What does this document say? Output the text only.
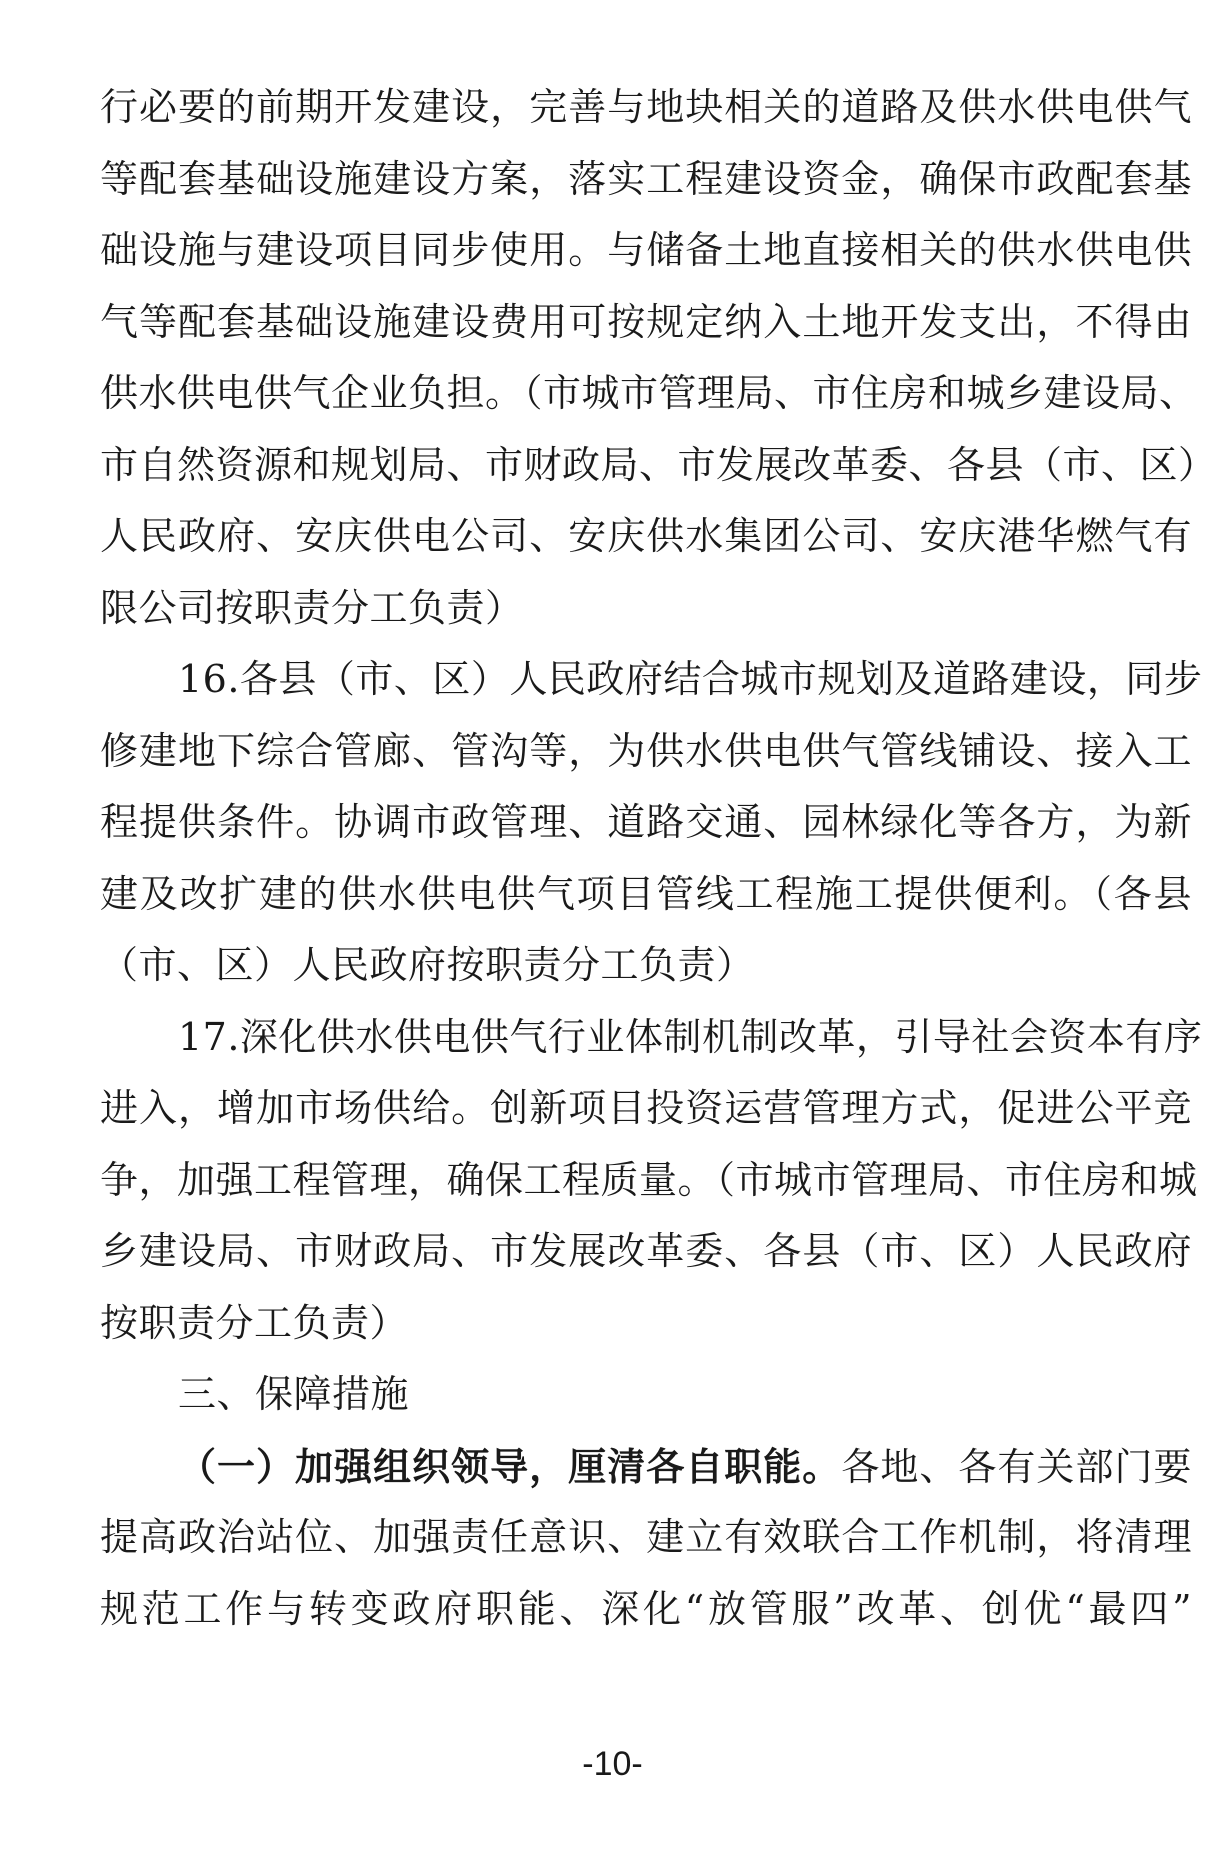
行必要的前期开发建设，完善与地块相关的道路及供水供电供气
等配套基础设施建设方案，落实工程建设资金，确保市政配套基
础设施与建设项目同步使用。与储备土地直接相关的供水供电供
气等配套基础设施建设费用可按规定纳入土地开发支出，不得由
供水供电供气企业负担。（市城市管理局、市住房和城乡建设局、
市自然资源和规划局、市财政局、市发展改革委、各县（市、区）
人民政府、安庆供电公司、安庆供水集团公司、安庆港华燃气有
限公司按职责分工负责）
16.各县（市、区）人民政府结合城市规划及道路建设，同步
修建地下综合管廊、管沟等，为供水供电供气管线铺设、接入工
程提供条件。协调市政管理、道路交通、园林绿化等各方，为新
建及改扩建的供水供电供气项目管线工程施工提供便利。（各县
（市、区）人民政府按职责分工负责）
17.深化供水供电供气行业体制机制改革，引导社会资本有序
进入，增加市场供给。创新项目投资运营管理方式，促进公平竞
争，加强工程管理，确保工程质量。（市城市管理局、市住房和城
乡建设局、市财政局、市发展改革委、各县（市、区）人民政府
按职责分工负责）
三、保障措施
（一）加强组织领导，厘清各自职能。各地、各有关部门要
提高政治站位、加强责任意识、建立有效联合工作机制，将清理
规范工作与转变政府职能、深化“放管服”改革、创优“最四”
-10-
